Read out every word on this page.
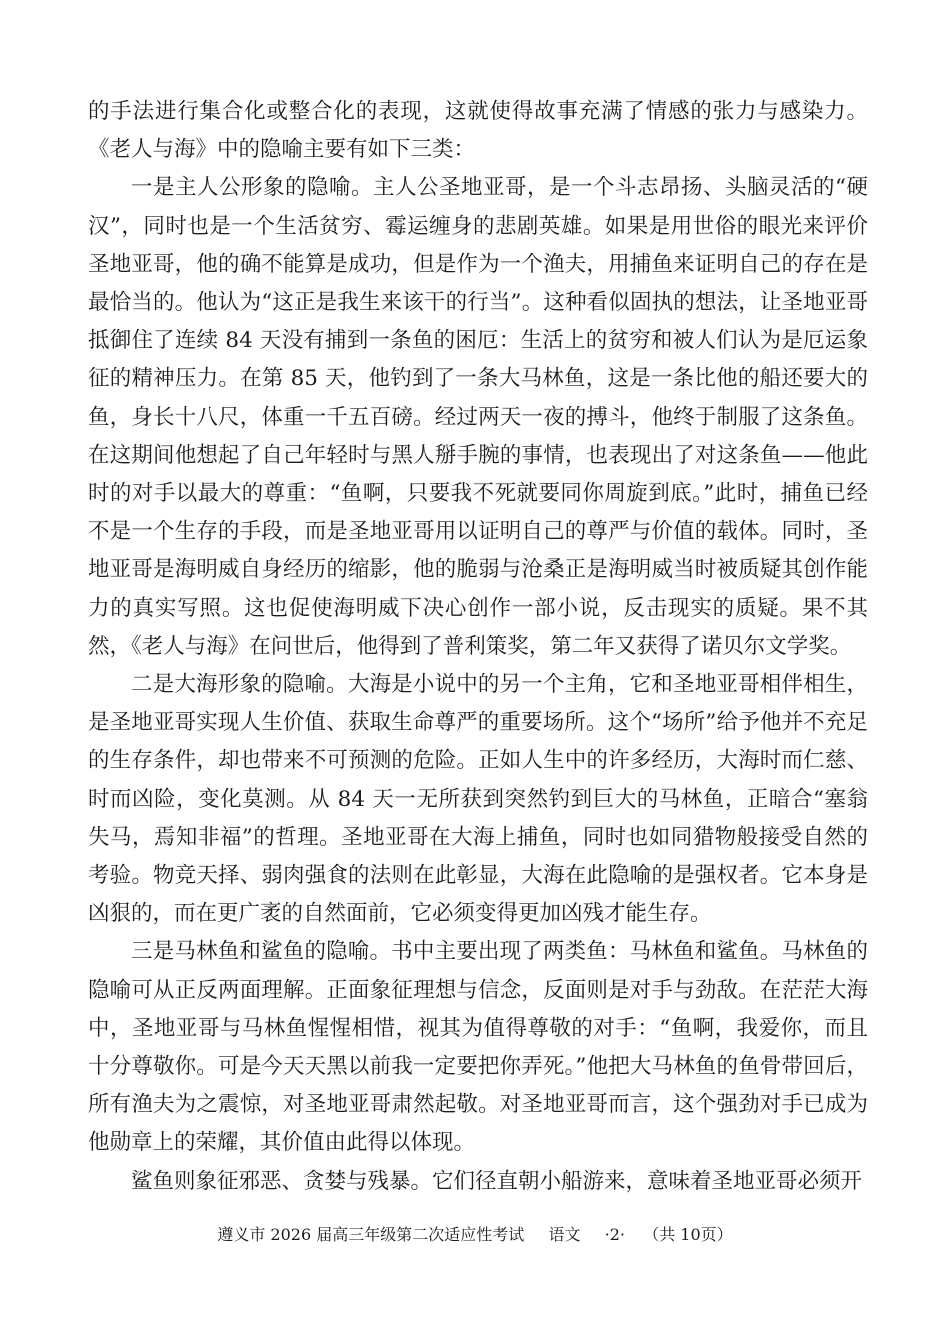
的手法进行集合化或整合化的表现，这就使得故事充满了情感的张力与感染力。《老人与海》中的隐喻主要有如下三类：

一是主人公形象的隐喻。主人公圣地亚哥，是一个斗志昂扬、头脑灵活的“硬汉”，同时也是一个生活贫穷、霉运缠身的悲剧英雄。如果是用世俗的眼光来评价圣地亚哥，他的确不能算是成功，但是作为一个渔夫，用捕鱼来证明自己的存在是最恰当的。他认为“这正是我生来该干的行当”。这种看似固执的想法，让圣地亚哥抵御住了连续 84 天没有捕到一条鱼的困厄：生活上的贫穷和被人们认为是厄运象征的精神压力。在第 85 天，他钓到了一条大马林鱼，这是一条比他的船还要大的鱼，身长十八尺，体重一千五百磅。经过两天一夜的搏斗，他终于制服了这条鱼。在这期间他想起了自己年轻时与黑人掰手腕的事情，也表现出了对这条鱼——他此时的对手以最大的尊重：“鱼啊，只要我不死就要同你周旋到底。”此时，捕鱼已经不是一个生存的手段，而是圣地亚哥用以证明自己的尊严与价值的载体。同时，圣地亚哥是海明威自身经历的缩影，他的脆弱与沧桑正是海明威当时被质疑其创作能力的真实写照。这也促使海明威下决心创作一部小说，反击现实的质疑。果不其然，《老人与海》在问世后，他得到了普利策奖，第二年又获得了诺贝尔文学奖。

二是大海形象的隐喻。大海是小说中的另一个主角，它和圣地亚哥相伴相生，是圣地亚哥实现人生价值、获取生命尊严的重要场所。这个“场所”给予他并不充足的生存条件，却也带来不可预测的危险。正如人生中的许多经历，大海时而仁慈、时而凶险，变化莫测。从 84 天一无所获到突然钓到巨大的马林鱼，正暗合“塞翁失马，焉知非福”的哲理。圣地亚哥在大海上捕鱼，同时也如同猎物般接受自然的考验。物竞天择、弱肉强食的法则在此彰显，大海在此隐喻的是强权者。它本身是凶狠的，而在更广袤的自然面前，它必须变得更加凶残才能生存。

三是马林鱼和鲨鱼的隐喻。书中主要出现了两类鱼：马林鱼和鲨鱼。马林鱼的隐喻可从正反两面理解。正面象征理想与信念，反面则是对手与劲敌。在茫茫大海中，圣地亚哥与马林鱼惺惺相惜，视其为值得尊敬的对手：“鱼啊，我爱你，而且十分尊敬你。可是今天天黑以前我一定要把你弄死。”他把大马林鱼的鱼骨带回后，所有渔夫为之震惊，对圣地亚哥肃然起敬。对圣地亚哥而言，这个强劲对手已成为他勋章上的荣耀，其价值由此得以体现。

鲨鱼则象征邪恶、贪婪与残暴。它们径直朝小船游来，意味着圣地亚哥必须开

遵义市 2026 届高三年级第二次适应性考试 语文 ·2· （共 10页）
